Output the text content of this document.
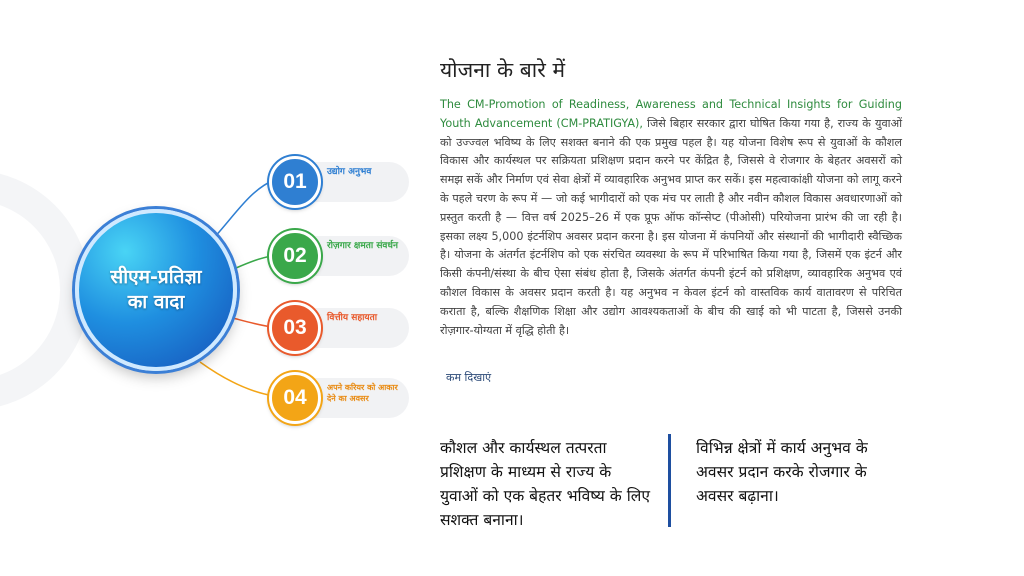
सीएम-प्रतिज्ञा
का वादा
01	उद्योग अनुभव
02	रोज़गार क्षमता संवर्धन
03	वित्तीय सहायता
04	अपने करियर को आकार देने का अवसर
योजना के बारे में
The CM-Promotion of Readiness, Awareness and Technical Insights for Guiding Youth Advancement (CM-PRATIGYA), जिसे बिहार सरकार द्वारा घोषित किया गया है, राज्य के युवाओं को उज्ज्वल भविष्य के लिए सशक्त बनाने की एक प्रमुख पहल है। यह योजना विशेष रूप से युवाओं के कौशल विकास और कार्यस्थल पर सक्रियता प्रशिक्षण प्रदान करने पर केंद्रित है, जिससे वे रोजगार के बेहतर अवसरों को समझ सकें और निर्माण एवं सेवा क्षेत्रों में व्यावहारिक अनुभव प्राप्त कर सकें। इस महत्वाकांक्षी योजना को लागू करने के पहले चरण के रूप में — जो कई भागीदारों को एक मंच पर लाती है और नवीन कौशल विकास अवधारणाओं को प्रस्तुत करती है — वित्त वर्ष 2025–26 में एक प्रूफ ऑफ कॉन्सेप्ट (पीओसी) परियोजना प्रारंभ की जा रही है। इसका लक्ष्य 5,000 इंटर्नशिप अवसर प्रदान करना है। इस योजना में कंपनियों और संस्थानों की भागीदारी स्वैच्छिक है। योजना के अंतर्गत इंटर्नशिप को एक संरचित व्यवस्था के रूप में परिभाषित किया गया है, जिसमें एक इंटर्न और किसी कंपनी/संस्था के बीच ऐसा संबंध होता है, जिसके अंतर्गत कंपनी इंटर्न को प्रशिक्षण, व्यावहारिक अनुभव एवं कौशल विकास के अवसर प्रदान करती है। यह अनुभव न केवल इंटर्न को वास्तविक कार्य वातावरण से परिचित कराता है, बल्कि शैक्षणिक शिक्षा और उद्योग आवश्यकताओं के बीच की खाई को भी पाटता है, जिससे उनकी रोज़गार-योग्यता में वृद्धि होती है।
कम दिखाएं
कौशल और कार्यस्थल तत्परता प्रशिक्षण के माध्यम से राज्य के युवाओं को एक बेहतर भविष्य के लिए सशक्त बनाना।
विभिन्न क्षेत्रों में कार्य अनुभव के अवसर प्रदान करके रोजगार के अवसर बढ़ाना।
